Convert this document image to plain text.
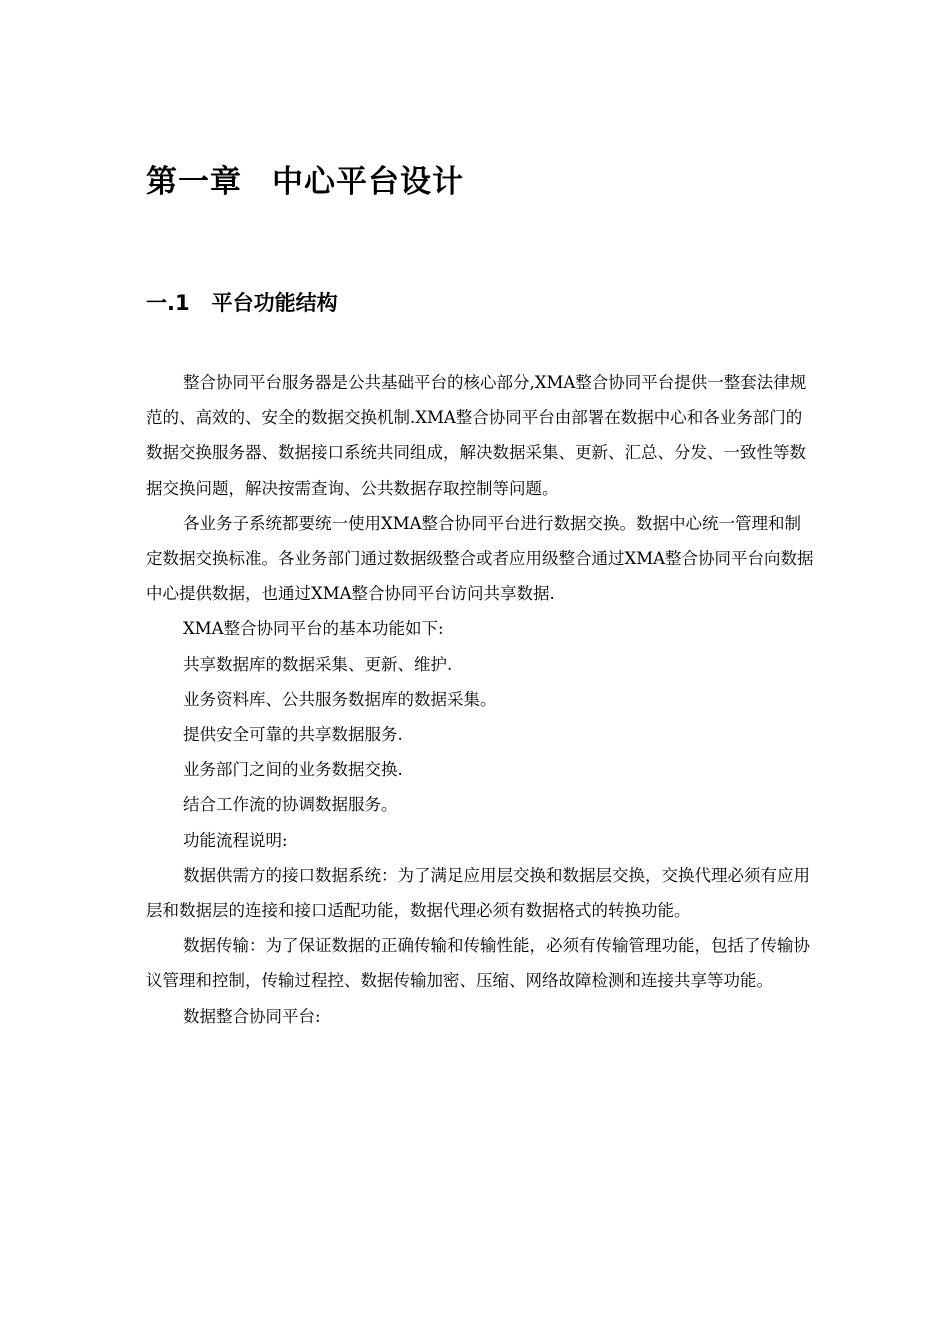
第一章 中心平台设计
一.1 平台功能结构

整合协同平台服务器是公共基础平台的核心部分,XMA整合协同平台提供一整套法律规范的、高效的、安全的数据交换机制.XMA整合协同平台由部署在数据中心和各业务部门的数据交换服务器、数据接口系统共同组成，解决数据采集、更新、汇总、分发、一致性等数据交换问题，解决按需查询、公共数据存取控制等问题。

各业务子系统都要统一使用XMA整合协同平台进行数据交换。数据中心统一管理和制定数据交换标准。各业务部门通过数据级整合或者应用级整合通过XMA整合协同平台向数据中心提供数据，也通过XMA整合协同平台访问共享数据.

XMA整合协同平台的基本功能如下:

共享数据库的数据采集、更新、维护.

业务资料库、公共服务数据库的数据采集。

提供安全可靠的共享数据服务.

业务部门之间的业务数据交换.

结合工作流的协调数据服务。

功能流程说明:

数据供需方的接口数据系统：为了满足应用层交换和数据层交换，交换代理必须有应用层和数据层的连接和接口适配功能，数据代理必须有数据格式的转换功能。

数据传输：为了保证数据的正确传输和传输性能，必须有传输管理功能，包括了传输协议管理和控制，传输过程控、数据传输加密、压缩、网络故障检测和连接共享等功能。

数据整合协同平台:
